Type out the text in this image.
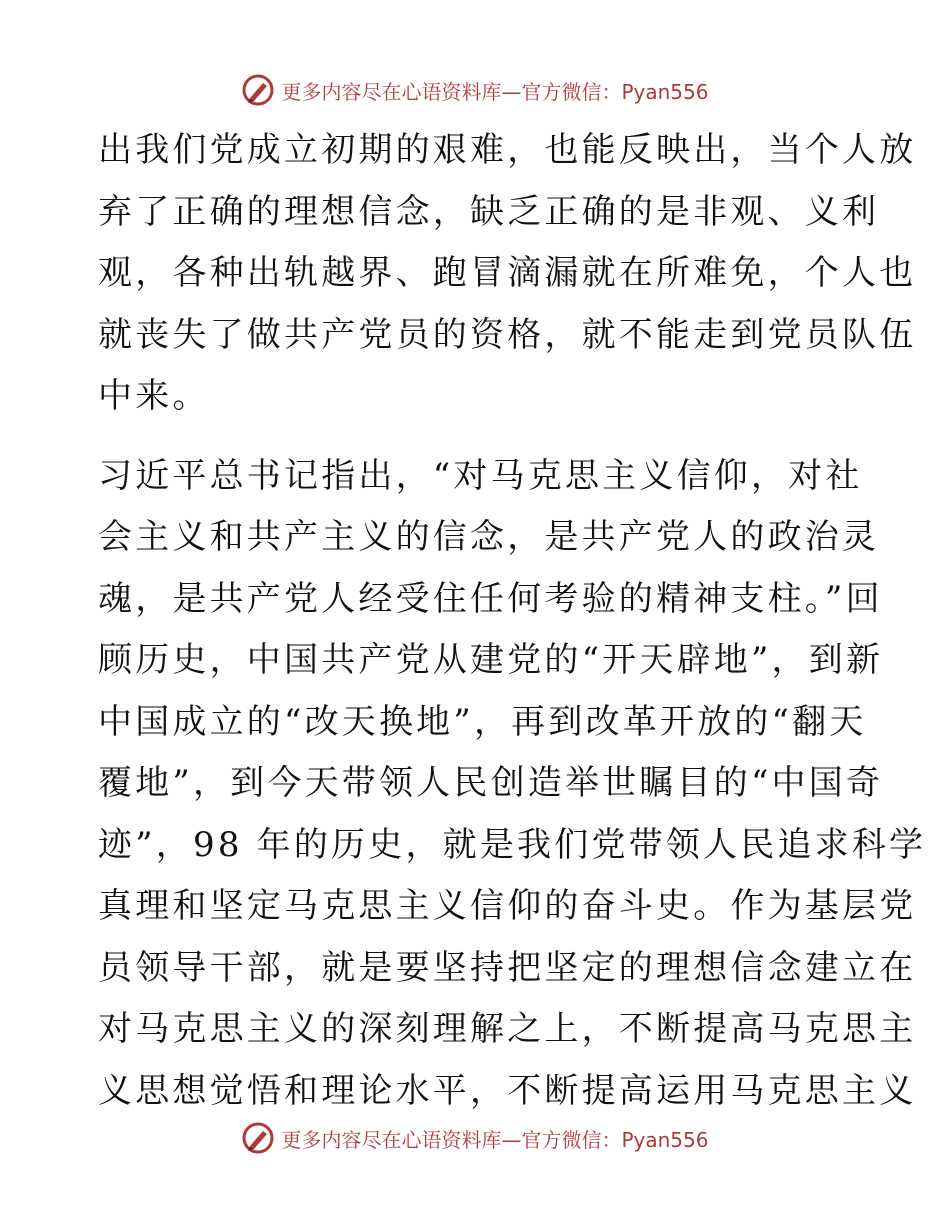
更多内容尽在心语资料库—官方微信：Pyan556

出我们党成立初期的艰难，也能反映出，当个人放
弃了正确的理想信念，缺乏正确的是非观、义利
观，各种出轨越界、跑冒滴漏就在所难免，个人也
就丧失了做共产党员的资格，就不能走到党员队伍
中来。

习近平总书记指出，“对马克思主义信仰，对社
会主义和共产主义的信念，是共产党人的政治灵
魂，是共产党人经受住任何考验的精神支柱。”回
顾历史，中国共产党从建党的“开天辟地”，到新
中国成立的“改天换地”，再到改革开放的“翻天
覆地”，到今天带领人民创造举世瞩目的“中国奇
迹”，98 年的历史，就是我们党带领人民追求科学
真理和坚定马克思主义信仰的奋斗史。作为基层党
员领导干部，就是要坚持把坚定的理想信念建立在
对马克思主义的深刻理解之上，不断提高马克思主
义思想觉悟和理论水平，不断提高运用马克思主义

更多内容尽在心语资料库—官方微信：Pyan556
